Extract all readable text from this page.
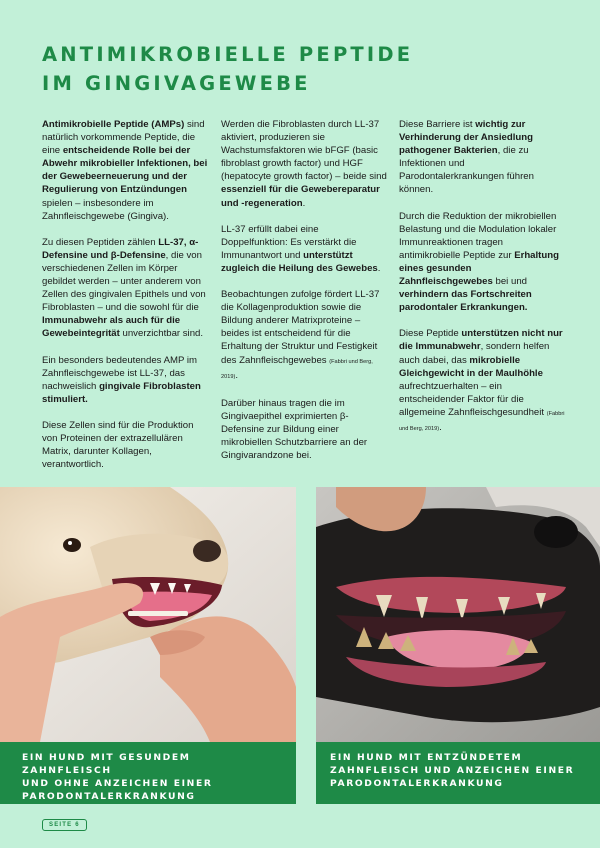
ANTIMIKROBIELLE PEPTIDE
IM GINGIVAGEWEBE

Antimikrobielle Peptide (AMPs) sind natürlich vorkommende Peptide, die eine entscheidende Rolle bei der Abwehr mikrobieller Infektionen, bei der Gewebeerneuerung und der Regulierung von Entzündungen spielen – insbesondere im Zahnfleischgewebe (Gingiva).

Zu diesen Peptiden zählen LL-37, α-Defensine und β-Defensine, die von verschiedenen Zellen im Körper gebildet werden – unter anderem von Zellen des gingivalen Epithels und von Fibroblasten – und die sowohl für die Immunabwehr als auch für die Gewebeintegrität unverzichtbar sind.

Ein besonders bedeutendes AMP im Zahnfleischgewebe ist LL-37, das nachweislich gingivale Fibroblasten stimuliert.

Diese Zellen sind für die Produktion von Proteinen der extrazellulären Matrix, darunter Kollagen, verantwortlich.

Werden die Fibroblasten durch LL-37 aktiviert, produzieren sie Wachstumsfaktoren wie bFGF (basic fibroblast growth factor) und HGF (hepatocyte growth factor) – beide sind essenziell für die Gewebereparatur und -regeneration.

LL-37 erfüllt dabei eine Doppelfunktion: Es verstärkt die Immunantwort und unterstützt zugleich die Heilung des Gewebes.

Beobachtungen zufolge fördert LL-37 die Kollagenproduktion sowie die Bildung anderer Matrixproteine – beides ist entscheidend für die Erhaltung der Struktur und Festigkeit des Zahnfleischgewebes (Fabbri und Berg, 2019).

Darüber hinaus tragen die im Gingivaepithel exprimierten β-Defensine zur Bildung einer mikrobiellen Schutzbarriere an der Gingivarandzone bei.

Diese Barriere ist wichtig zur Verhinderung der Ansiedlung pathogener Bakterien, die zu Infektionen und Parodontalerkrankungen führen können.

Durch die Reduktion der mikrobiellen Belastung und die Modulation lokaler Immunreaktionen tragen antimikrobielle Peptide zur Erhaltung eines gesunden Zahnfleischgewebes bei und verhindern das Fortschreiten parodontaler Erkrankungen.

Diese Peptide unterstützen nicht nur die Immunabwehr, sondern helfen auch dabei, das mikrobielle Gleichgewicht in der Maulhöhle aufrechtzuerhalten – ein entscheidender Faktor für die allgemeine Zahnfleischgesundheit (Fabbri und Berg, 2019).

EIN HUND MIT GESUNDEM ZAHNFLEISCH
UND OHNE ANZEICHEN EINER
PARODONTALERKRANKUNG
EIN HUND MIT ENTZÜNDETEM
ZAHNFLEISCH UND ANZEICHEN EINER
PARODONTALERKRANKUNG
SEITE 6
